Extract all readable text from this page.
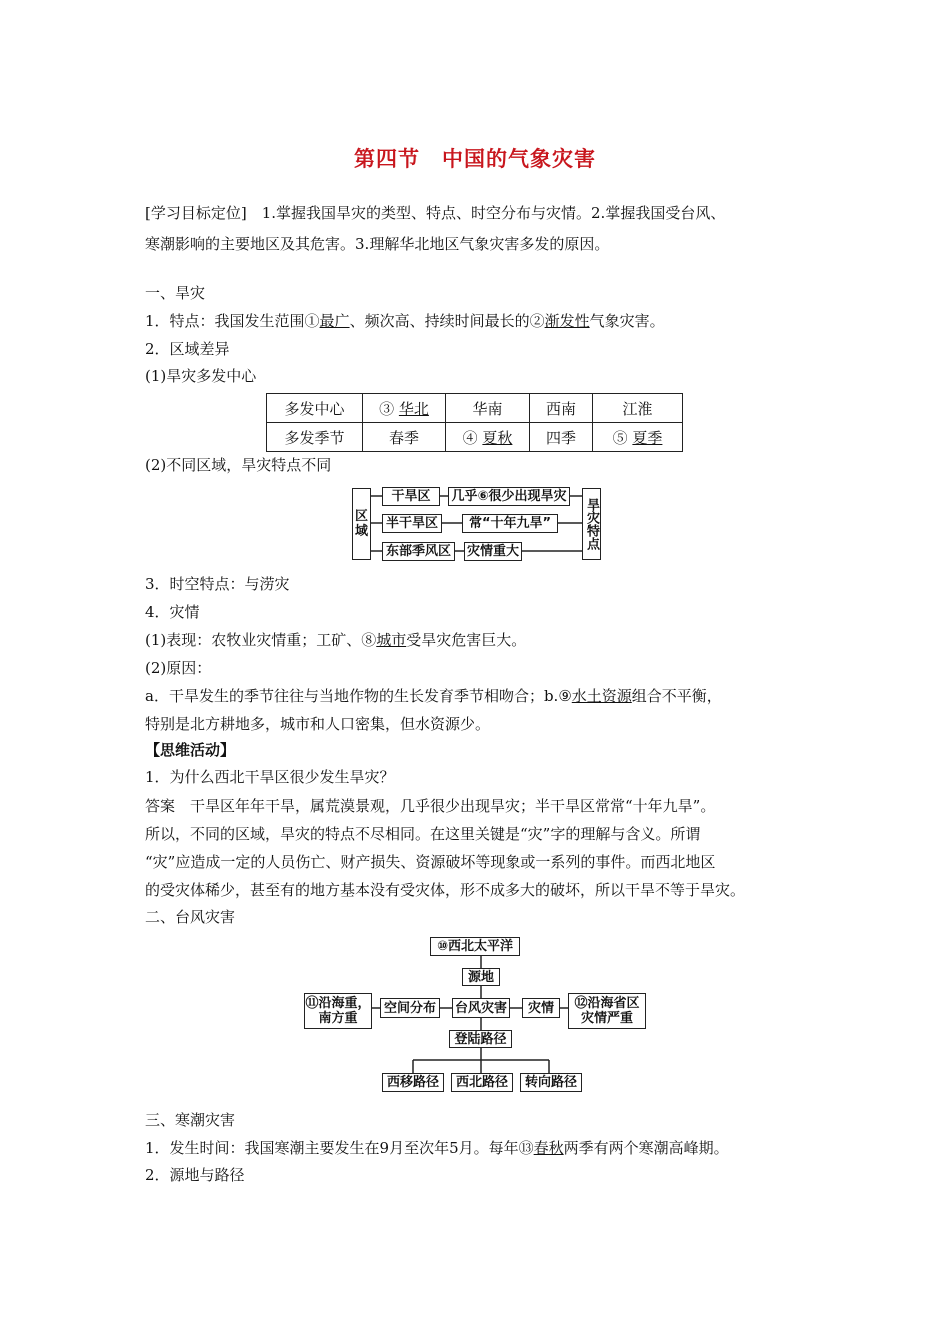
第四节　中国的气象灾害
[学习目标定位]　1.掌握我国旱灾的类型、特点、时空分布与灾情。2.掌握我国受台风、
寒潮影响的主要地区及其危害。3.理解华北地区气象灾害多发的原因。
一、旱灾
1．特点：我国发生范围①最广、频次高、持续时间最长的②渐发性气象灾害。
2．区域差异
(1)旱灾多发中心
多发中心	③ 华北	华南	西南	江淮
多发季节	春季	④ 夏秋	四季	⑤ 夏季
(2)不同区域，旱灾特点不同
区域	旱灾特点
干旱区	几乎⑥很少出现旱灾
半干旱区	常“十年九旱”
东部季风区	灾情重大
3．时空特点：与涝灾
4．灾情
(1)表现：农牧业灾情重；工矿、⑧城市受旱灾危害巨大。
(2)原因：
a．干旱发生的季节往往与当地作物的生长发育季节相吻合；b.⑨水土资源组合不平衡，
特别是北方耕地多，城市和人口密集，但水资源少。
【思维活动】
1．为什么西北干旱区很少发生旱灾？
答案　干旱区年年干旱，属荒漠景观，几乎很少出现旱灾；半干旱区常常“十年九旱”。
所以，不同的区域，旱灾的特点不尽相同。在这里关键是“灾”字的理解与含义。所谓
“灾”应造成一定的人员伤亡、财产损失、资源破坏等现象或一系列的事件。而西北地区
的受灾体稀少，甚至有的地方基本没有受灾体，形不成多大的破坏，所以干旱不等于旱灾。
二、台风灾害
⑩西北太平洋
源地
⑪沿海重，
南方重
空间分布	台风灾害	灾情	⑫沿海省区
灾情严重
登陆路径
西移路径	西北路径	转向路径
三、寒潮灾害
1．发生时间：我国寒潮主要发生在9月至次年5月。每年⑬春秋两季有两个寒潮高峰期。
2．源地与路径
